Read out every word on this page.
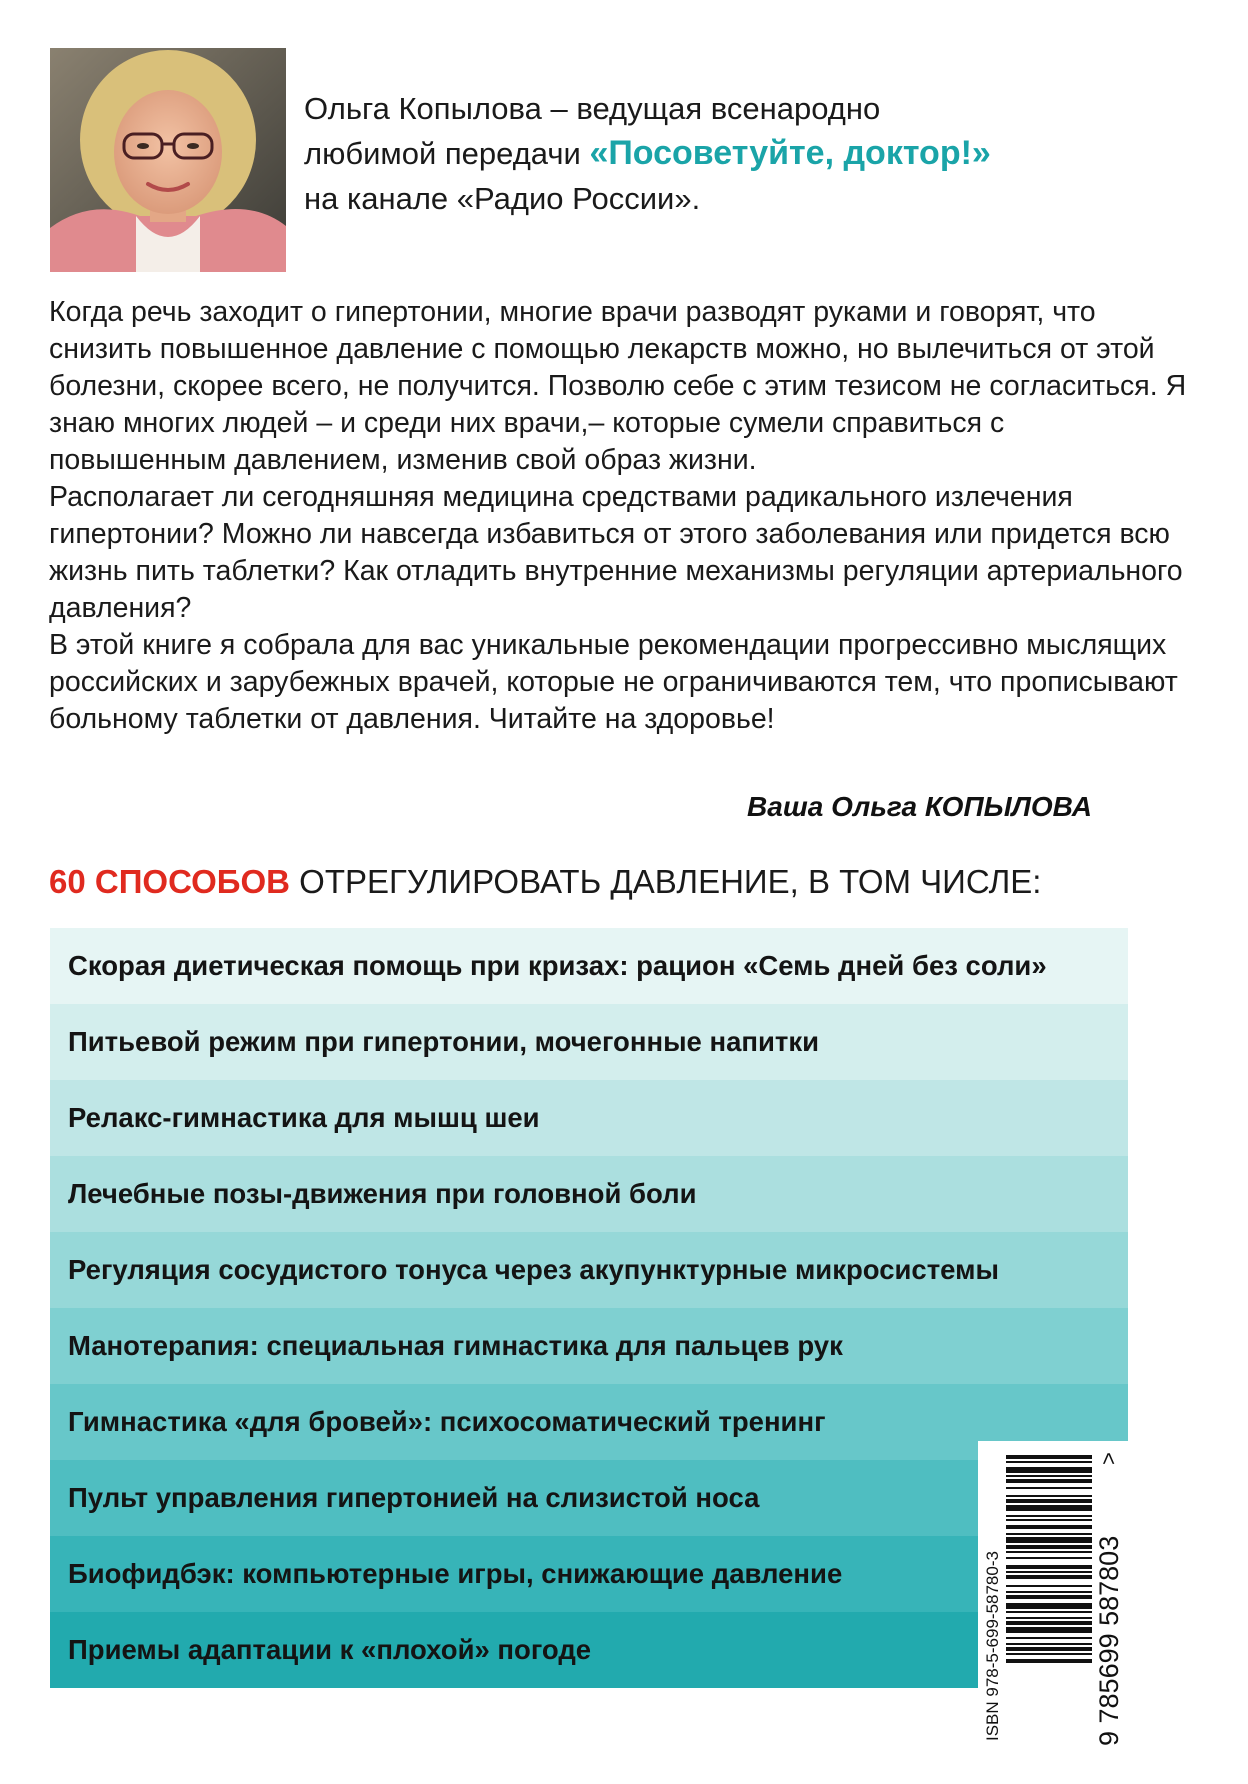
Ольга Копылова – ведущая всенародно
любимой передачи «Посоветуйте, доктор!»
на канале «Радио России».

Когда речь заходит о гипертонии, многие врачи разводят руками и говорят, что снизить повышенное давление с помощью лекарств можно, но вылечиться от этой болезни, скорее всего, не получится. Позволю себе с этим тезисом не согласиться. Я знаю многих людей – и среди них врачи,– которые сумели справиться с повышенным давлением, изменив свой образ жизни.

Располагает ли сегодняшняя медицина средствами радикального излечения гипертонии? Можно ли навсегда избавиться от этого заболевания или придется всю жизнь пить таблетки? Как отладить внутренние механизмы регуляции артериального давления?

В этой книге я собрала для вас уникальные рекомендации прогрессивно мыслящих российских и зарубежных врачей, которые не ограничиваются тем, что прописывают больному таблетки от давления. Читайте на здоровье!

Ваша Ольга КОПЫЛОВА
60 СПОСОБОВ ОТРЕГУЛИРОВАТЬ ДАВЛЕНИЕ, В ТОМ ЧИСЛЕ:
Скорая диетическая помощь при кризах: рацион «Семь дней без соли»
Питьевой режим при гипертонии, мочегонные напитки
Релакс-гимнастика для мышц шеи
Лечебные позы-движения при головной боли
Регуляция сосудистого тонуса через акупунктурные микросистемы
Манотерапия: специальная гимнастика для пальцев рук
Гимнастика «для бровей»: психосоматический тренинг
Пульт управления гипертонией на слизистой носа
Биофидбэк: компьютерные игры, снижающие давление
Приемы адаптации к «плохой» погоде	ISBN 978-5-699-58780-3	9 785699 587803
>
